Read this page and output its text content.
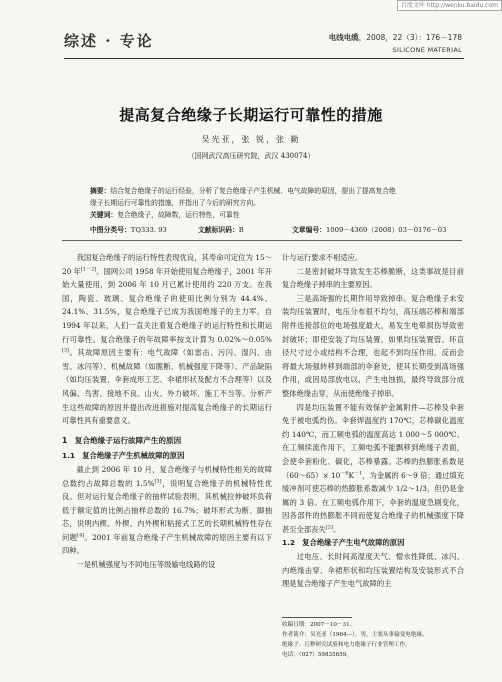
百度文库 http://wenku.baidu.com
综述 · 专论	电线电缆，2008，22（3）：176－178
SILICONE MATERIAL
提高复合绝缘子长期运行可靠性的措施
吴光亚，张 锐，张 勤
（国网武汉高压研究院，武汉 430074）
摘要：结合复合绝缘子的运行经验，分析了复合绝缘子产生机械、电气故障的原因，提出了提高复合绝
缘子长期运行可靠性的措施，并指出了今后的研究方向。
关键词：复合绝缘子，故障数，运行特性，可靠性
中图分类号：TQ333. 93	文献标识码：B	文章编号：1009－4369（2008）03－0176－03

我国复合绝缘子的运行特性表现优良，其寿命可定位为 15～20 年[1－2]。国网公司 1958 年开始使用复合绝缘子，2001 年开始大量使用，到 2006 年 10 月已累计使用约 220 万支。在我国，陶瓷、玻璃、复合绝缘子的使用比例分别为 44.4%、24.1%、31.5%，复合绝缘子已成为我国绝缘子的主力军。自 1994 年以来，人们一直关注着复合绝缘子的运行特性和长期运行可靠性。复合绝缘子的年故障率按支计算为 0.02%～0.05%[3]。其故障原因主要有：电气故障（如雷击、污闪、湿闪、由雪、冰闪等）、机械故障（如脆断、机械强度下降等）、产品缺陷（如均压装置、伞套成形工艺、伞裙形状及配方不合理等）以及风偏、鸟害、接地不良、山火、外力破坏、施工不当等。分析产生这些故障的原因并提出改进措施对提高复合绝缘子的长期运行可靠性具有重要意义。

1　复合绝缘子运行故障产生的原因
1.1　复合绝缘子产生机械故障的原因

截止到 2006 年 10 月，复合绝缘子与机械特性相关的故障总数约占故障总数的 1.5%[3]，说明复合绝缘子的机械特性优良。但对运行复合绝缘子的抽样试验表明，其机械拉伸破坏负荷低于额定值的比例占抽样总数的 16.7%；破坏形式为断、脚抽芯，说明内楔、外楔、内外楔和粘接式工艺的长期机械特性存在问题[4]。2001 年前复合绝缘子产生机械故障的原因主要有以下四种。

一是机械强度与不同电压等级输电线路的设

计与运行要求不相适应。

二是密封破坏导致发生芯棒脆断，这类事故是目前复合绝缘子掉串的主要原因。

三是高场强的长期作用导致掉串。复合绝缘子未安装均压装置时，电压分布很不均匀，高压端芯棒和端部附件连接部位的电场强度最大，易发生电晕损伤导致密封破坏；即使安装了均压装置，如果均压装置管、环直径尺寸过小或结构不合理，也起不到均压作用，反而会将最大场强转移到端部的伞套处，使其长期受到高场强作用，或因局部放电以，产生电蚀损，最终导致部分成整体绝缘击穿，从而使绝缘子掉串。

四是均压装置不能有效保护金属附件—芯棒及伞套免于被电弧灼伤。伞套焊温度约 170℃，芯棒碳化温度约 140℃，而工频电弧的温度高达 1 000～5 000℃。在工频续流作用下，工频电弧不能飘移到绝缘子表面，会使伞套粉化、碳化，芯棒暴露。芯棒的热膨胀系数是（60～65）× $10^{-6}K^{-1}$，为金属的 6～9 倍；通过填充缓冲剂可使芯棒的热膨胀系数减少 1/2～1/3，但仍是金属的 3 倍。在工频电弧作用下，伞套的温度急剧变化，因各部件的热膨胀不同而使复合绝缘子的机械强度下降甚至全部丧失[2]。

1.2　复合绝缘子产生电气故障的原因

过电压、长时间高湿度天气、憎水性降低、冰闪、内绝缘击穿、伞裙形状和均压装置结构及安装形式不合理是复合绝缘子产生电气故障的主

收稿日期：2007－10－31。
作者简介：吴光亚（1964—），男，主要从事输变电绝缘、
绝缘子、污秽研究试验和电力绝缘子行业管理工作。
电话：（027）59835659。
